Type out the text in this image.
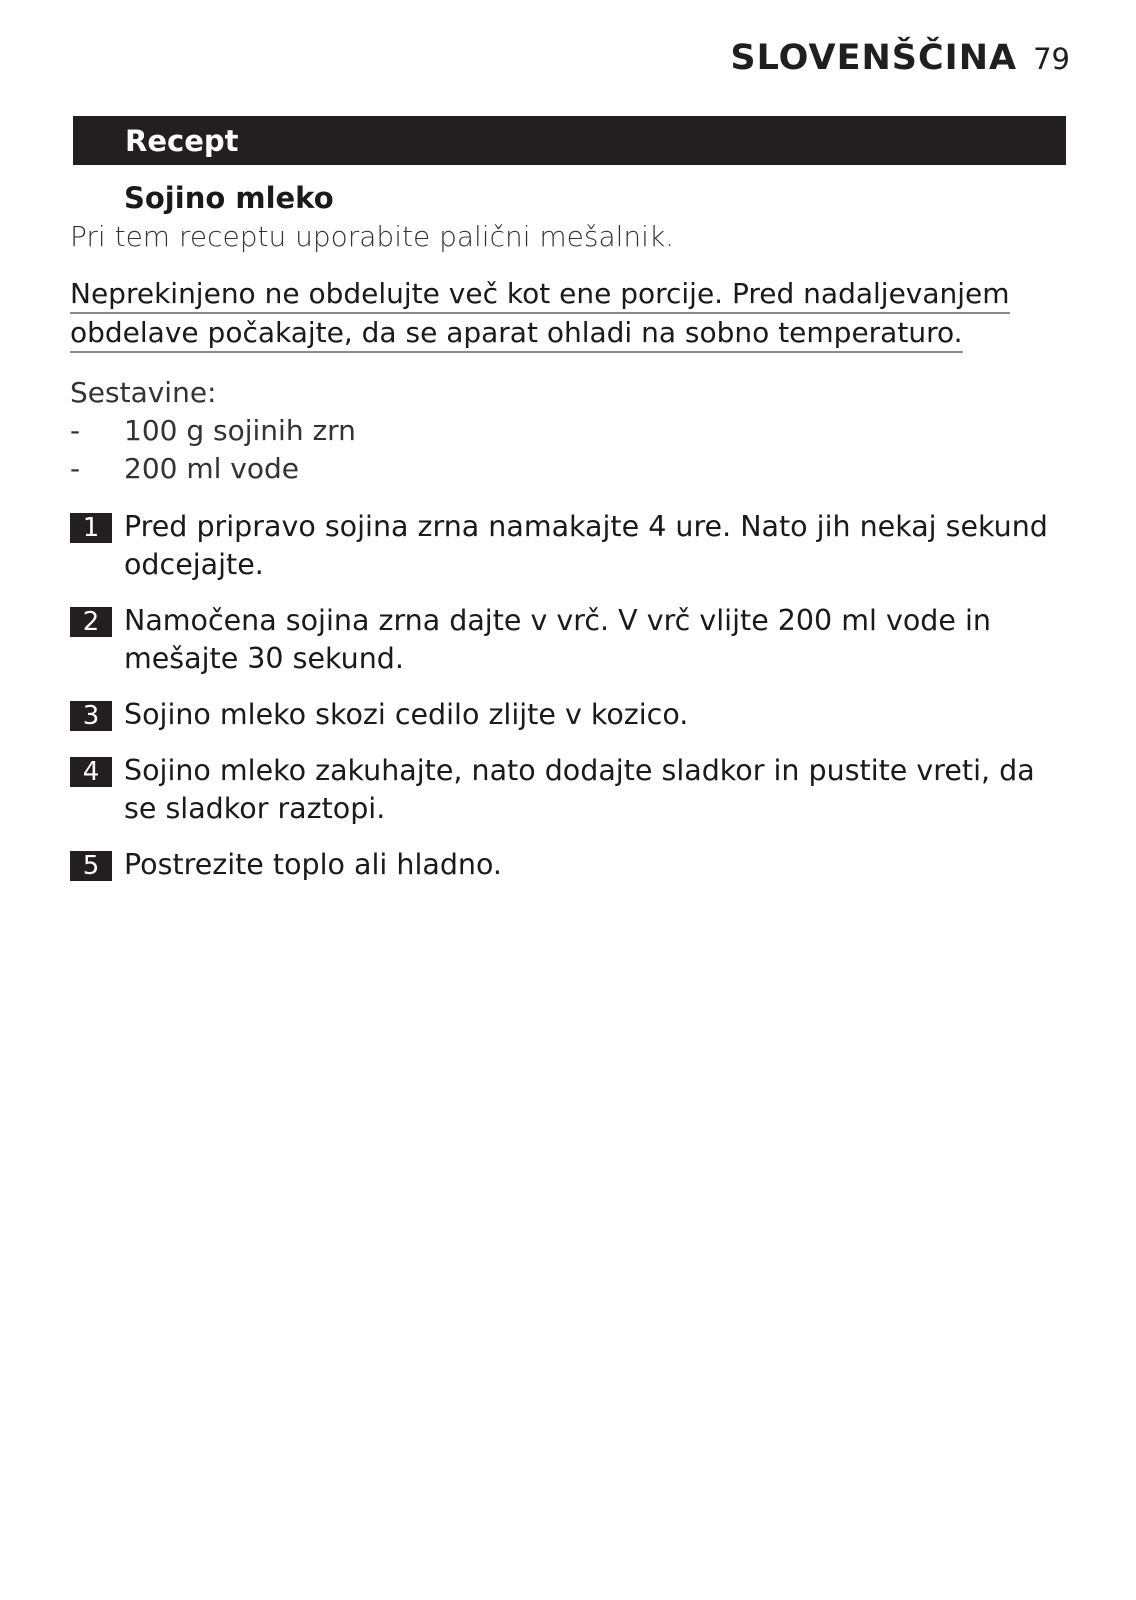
SLOVENŠČINA 79
Recept

Sojino mleko

Pri tem receptu uporabite palični mešalnik.

Neprekinjeno ne obdelujte več kot ene porcije. Pred nadaljevanjem obdelave počakajte, da se aparat ohladi na sobno temperaturo.

Sestavine:

- 100 g sojinih zrn
- 200 ml vode
1 Pred pripravo sojina zrna namakajte 4 ure. Nato jih nekaj sekund odcejajte.
2 Namočena sojina zrna dajte v vrč. V vrč vlijte 200 ml vode in mešajte 30 sekund.
3 Sojino mleko skozi cedilo zlijte v kozico.
4 Sojino mleko zakuhajte, nato dodajte sladkor in pustite vreti, da se sladkor raztopi.
5 Postrezite toplo ali hladno.
